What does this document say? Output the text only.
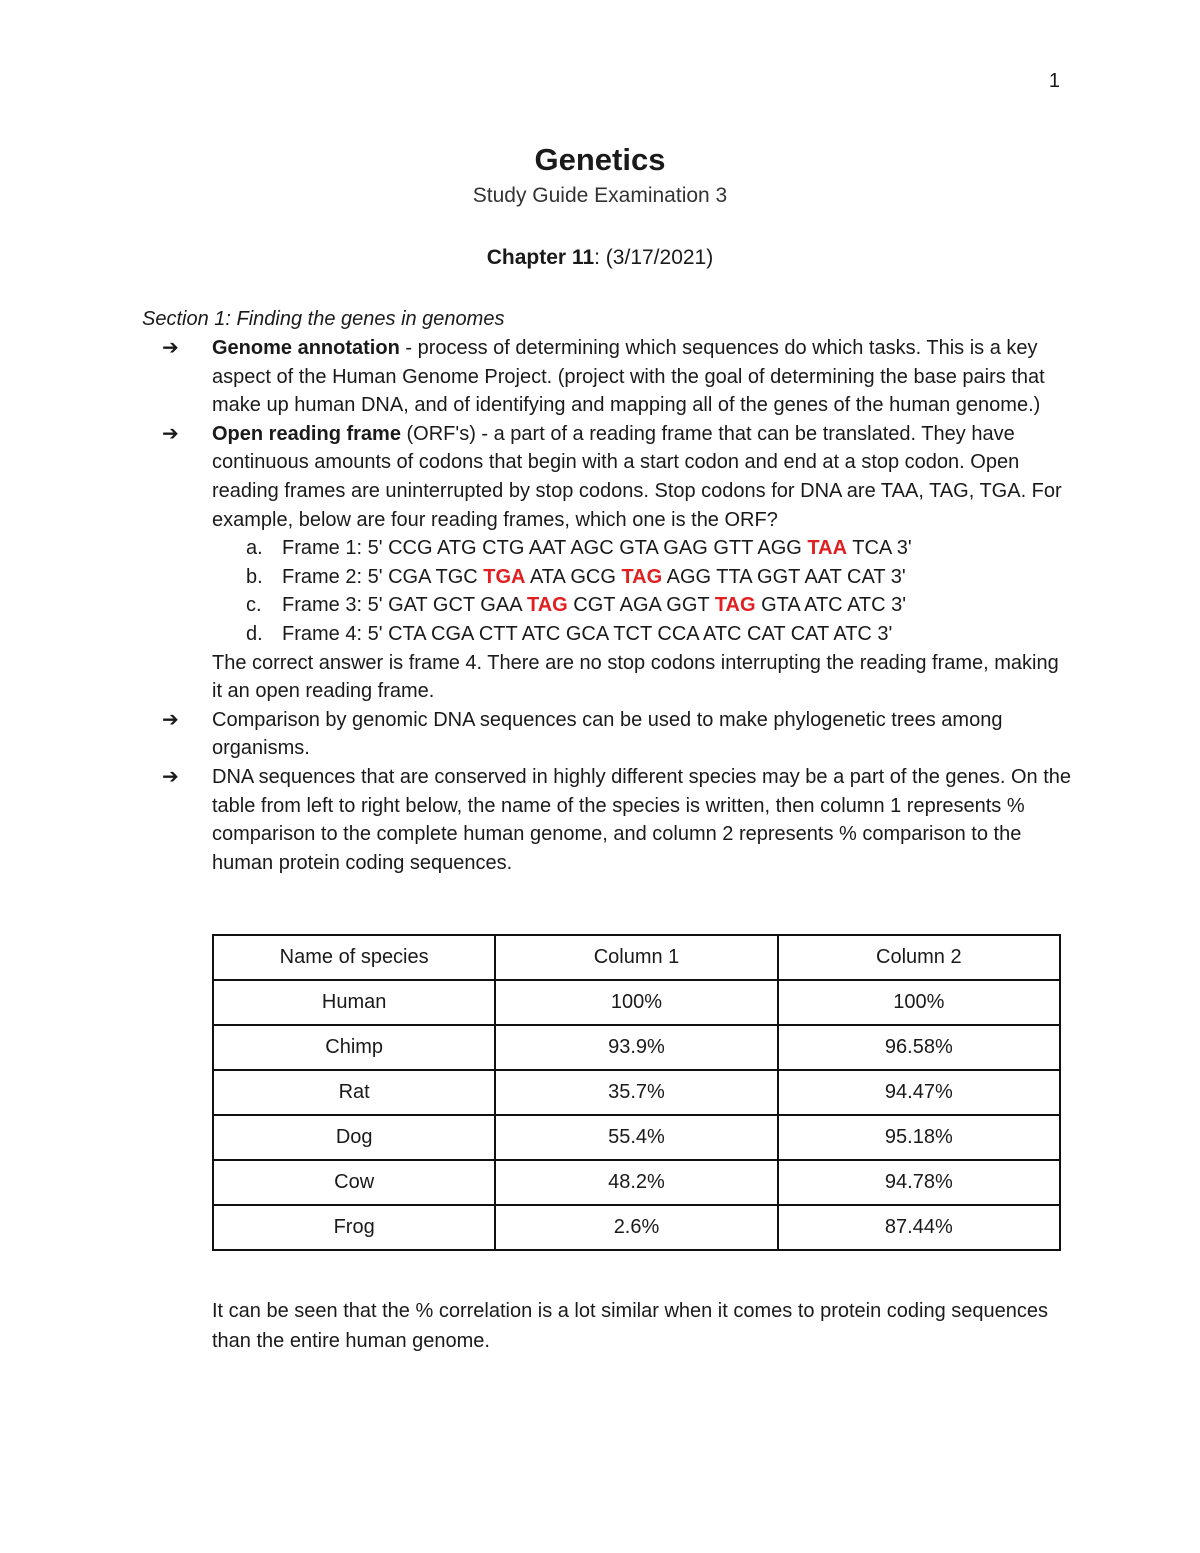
1
Genetics
Study Guide Examination 3
Chapter 11: (3/17/2021)
Section 1: Finding the genes in genomes
➔	Genome annotation - process of determining which sequences do which tasks. This is a key aspect of the Human Genome Project. (project with the goal of determining the base pairs that make up human DNA, and of identifying and mapping all of the genes of the human genome.)
➔	Open reading frame (ORF's) - a part of a reading frame that can be translated. They have continuous amounts of codons that begin with a start codon and end at a stop codon. Open reading frames are uninterrupted by stop codons. Stop codons for DNA are TAA, TAG, TGA. For example, below are four reading frames, which one is the ORF?
a. Frame 1: 5' CCG ATG CTG AAT AGC GTA GAG GTT AGG TAA TCA 3'
b. Frame 2: 5' CGA TGC TGA ATA GCG TAG AGG TTA GGT AAT CAT 3'
c. Frame 3: 5' GAT GCT GAA TAG CGT AGA GGT TAG GTA ATC ATC 3'
d. Frame 4: 5' CTA CGA CTT ATC GCA TCT CCA ATC CAT CAT ATC 3'
The correct answer is frame 4. There are no stop codons interrupting the reading frame, making it an open reading frame.
➔	Comparison by genomic DNA sequences can be used to make phylogenetic trees among organisms.
➔	DNA sequences that are conserved in highly different species may be a part of the genes. On the table from left to right below, the name of the species is written, then column 1 represents % comparison to the complete human genome, and column 2 represents % comparison to the human protein coding sequences.
Name of species	Column 1	Column 2
Human	100%	100%
Chimp	93.9%	96.58%
Rat	35.7%	94.47%
Dog	55.4%	95.18%
Cow	48.2%	94.78%
Frog	2.6%	87.44%
It can be seen that the % correlation is a lot similar when it comes to protein coding sequences than the entire human genome.
